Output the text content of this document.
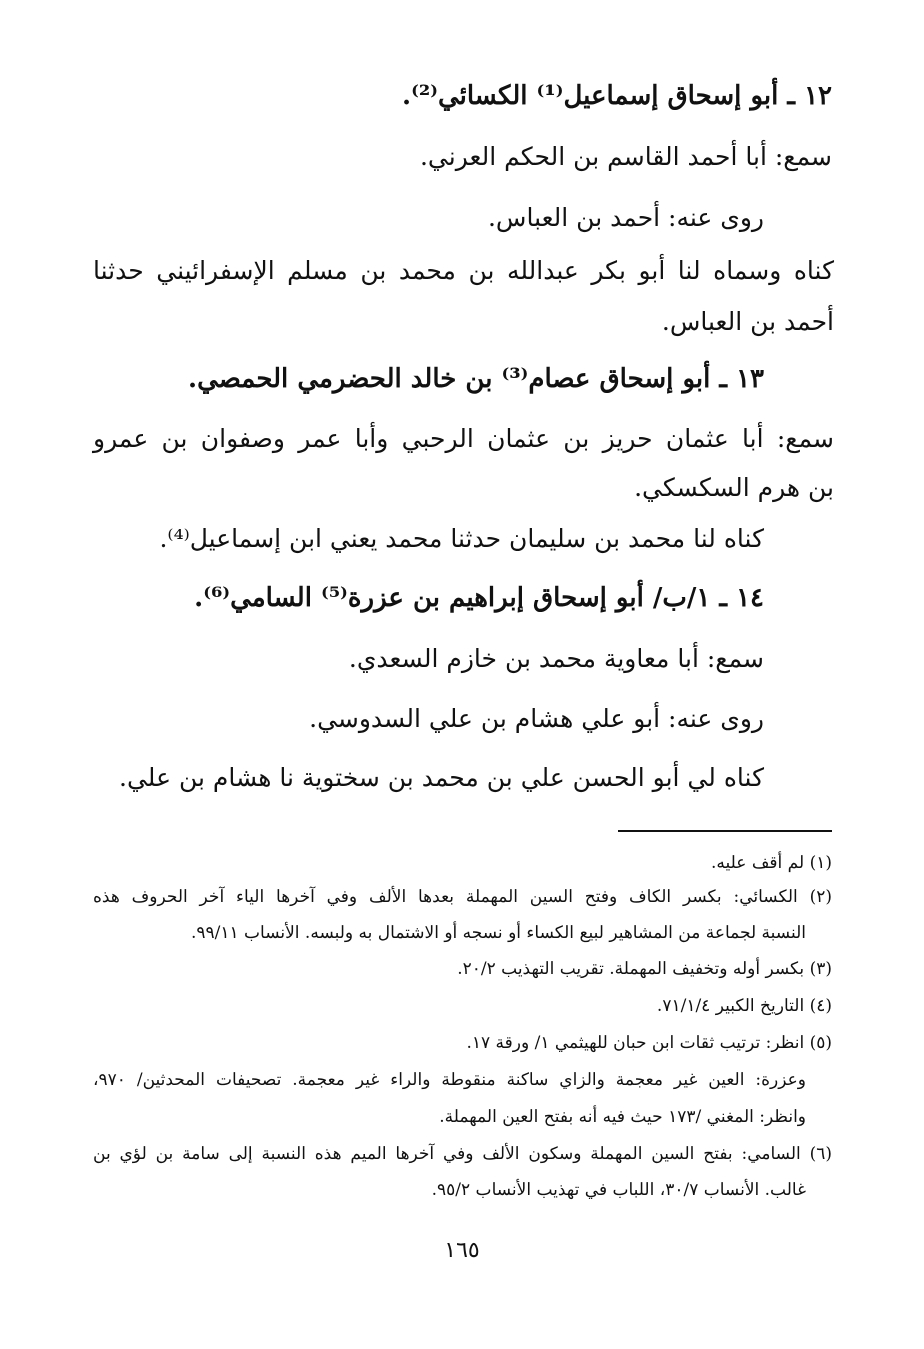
١٢ ـ أبو إسحاق إسماعيل⁽¹⁾ الكسائي⁽²⁾.
سمع: أبا أحمد القاسم بن الحكم العرني.
روى عنه: أحمد بن العباس.
كناه وسماه لنا أبو بكر عبدالله بن محمد بن مسلم الإسفرائيني حدثنا
أحمد بن العباس.
١٣ ـ أبو إسحاق عصام⁽³⁾ بن خالد الحضرمي الحمصي.
سمع: أبا عثمان حريز بن عثمان الرحبي وأبا عمر وصفوان بن عمرو
بن هرم السكسكي.
كناه لنا محمد بن سليمان حدثنا محمد يعني ابن إسماعيل⁽⁴⁾.
١٤ ـ ١/ب/ أبو إسحاق إبراهيم بن عزرة⁽⁵⁾ السامي⁽⁶⁾.
سمع: أبا معاوية محمد بن خازم السعدي.
روى عنه: أبو علي هشام بن علي السدوسي.
كناه لي أبو الحسن علي بن محمد بن سختوية نا هشام بن علي.
(١) لم أقف عليه.
(٢) الكسائي: بكسر الكاف وفتح السين المهملة بعدها الألف وفي آخرها الياء آخر الحروف هذه
النسبة لجماعة من المشاهير لبيع الكساء أو نسجه أو الاشتمال به ولبسه. الأنساب ٩٩/١١.
(٣) بكسر أوله وتخفيف المهملة. تقريب التهذيب ٢٠/٢.
(٤) التاريخ الكبير ٧١/١/٤.
(٥) انظر: ترتيب ثقات ابن حبان للهيثمي ١/ ورقة ١٧.
وعزرة: العين غير معجمة والزاي ساكنة منقوطة والراء غير معجمة. تصحيفات المحدثين/ ٩٧٠،
وانظر: المغني /١٧٣ حيث فيه أنه بفتح العين المهملة.
(٦) السامي: بفتح السين المهملة وسكون الألف وفي آخرها الميم هذه النسبة إلى سامة بن لؤي بن
غالب. الأنساب ٣٠/٧، اللباب في تهذيب الأنساب ٩٥/٢.
١٦٥
